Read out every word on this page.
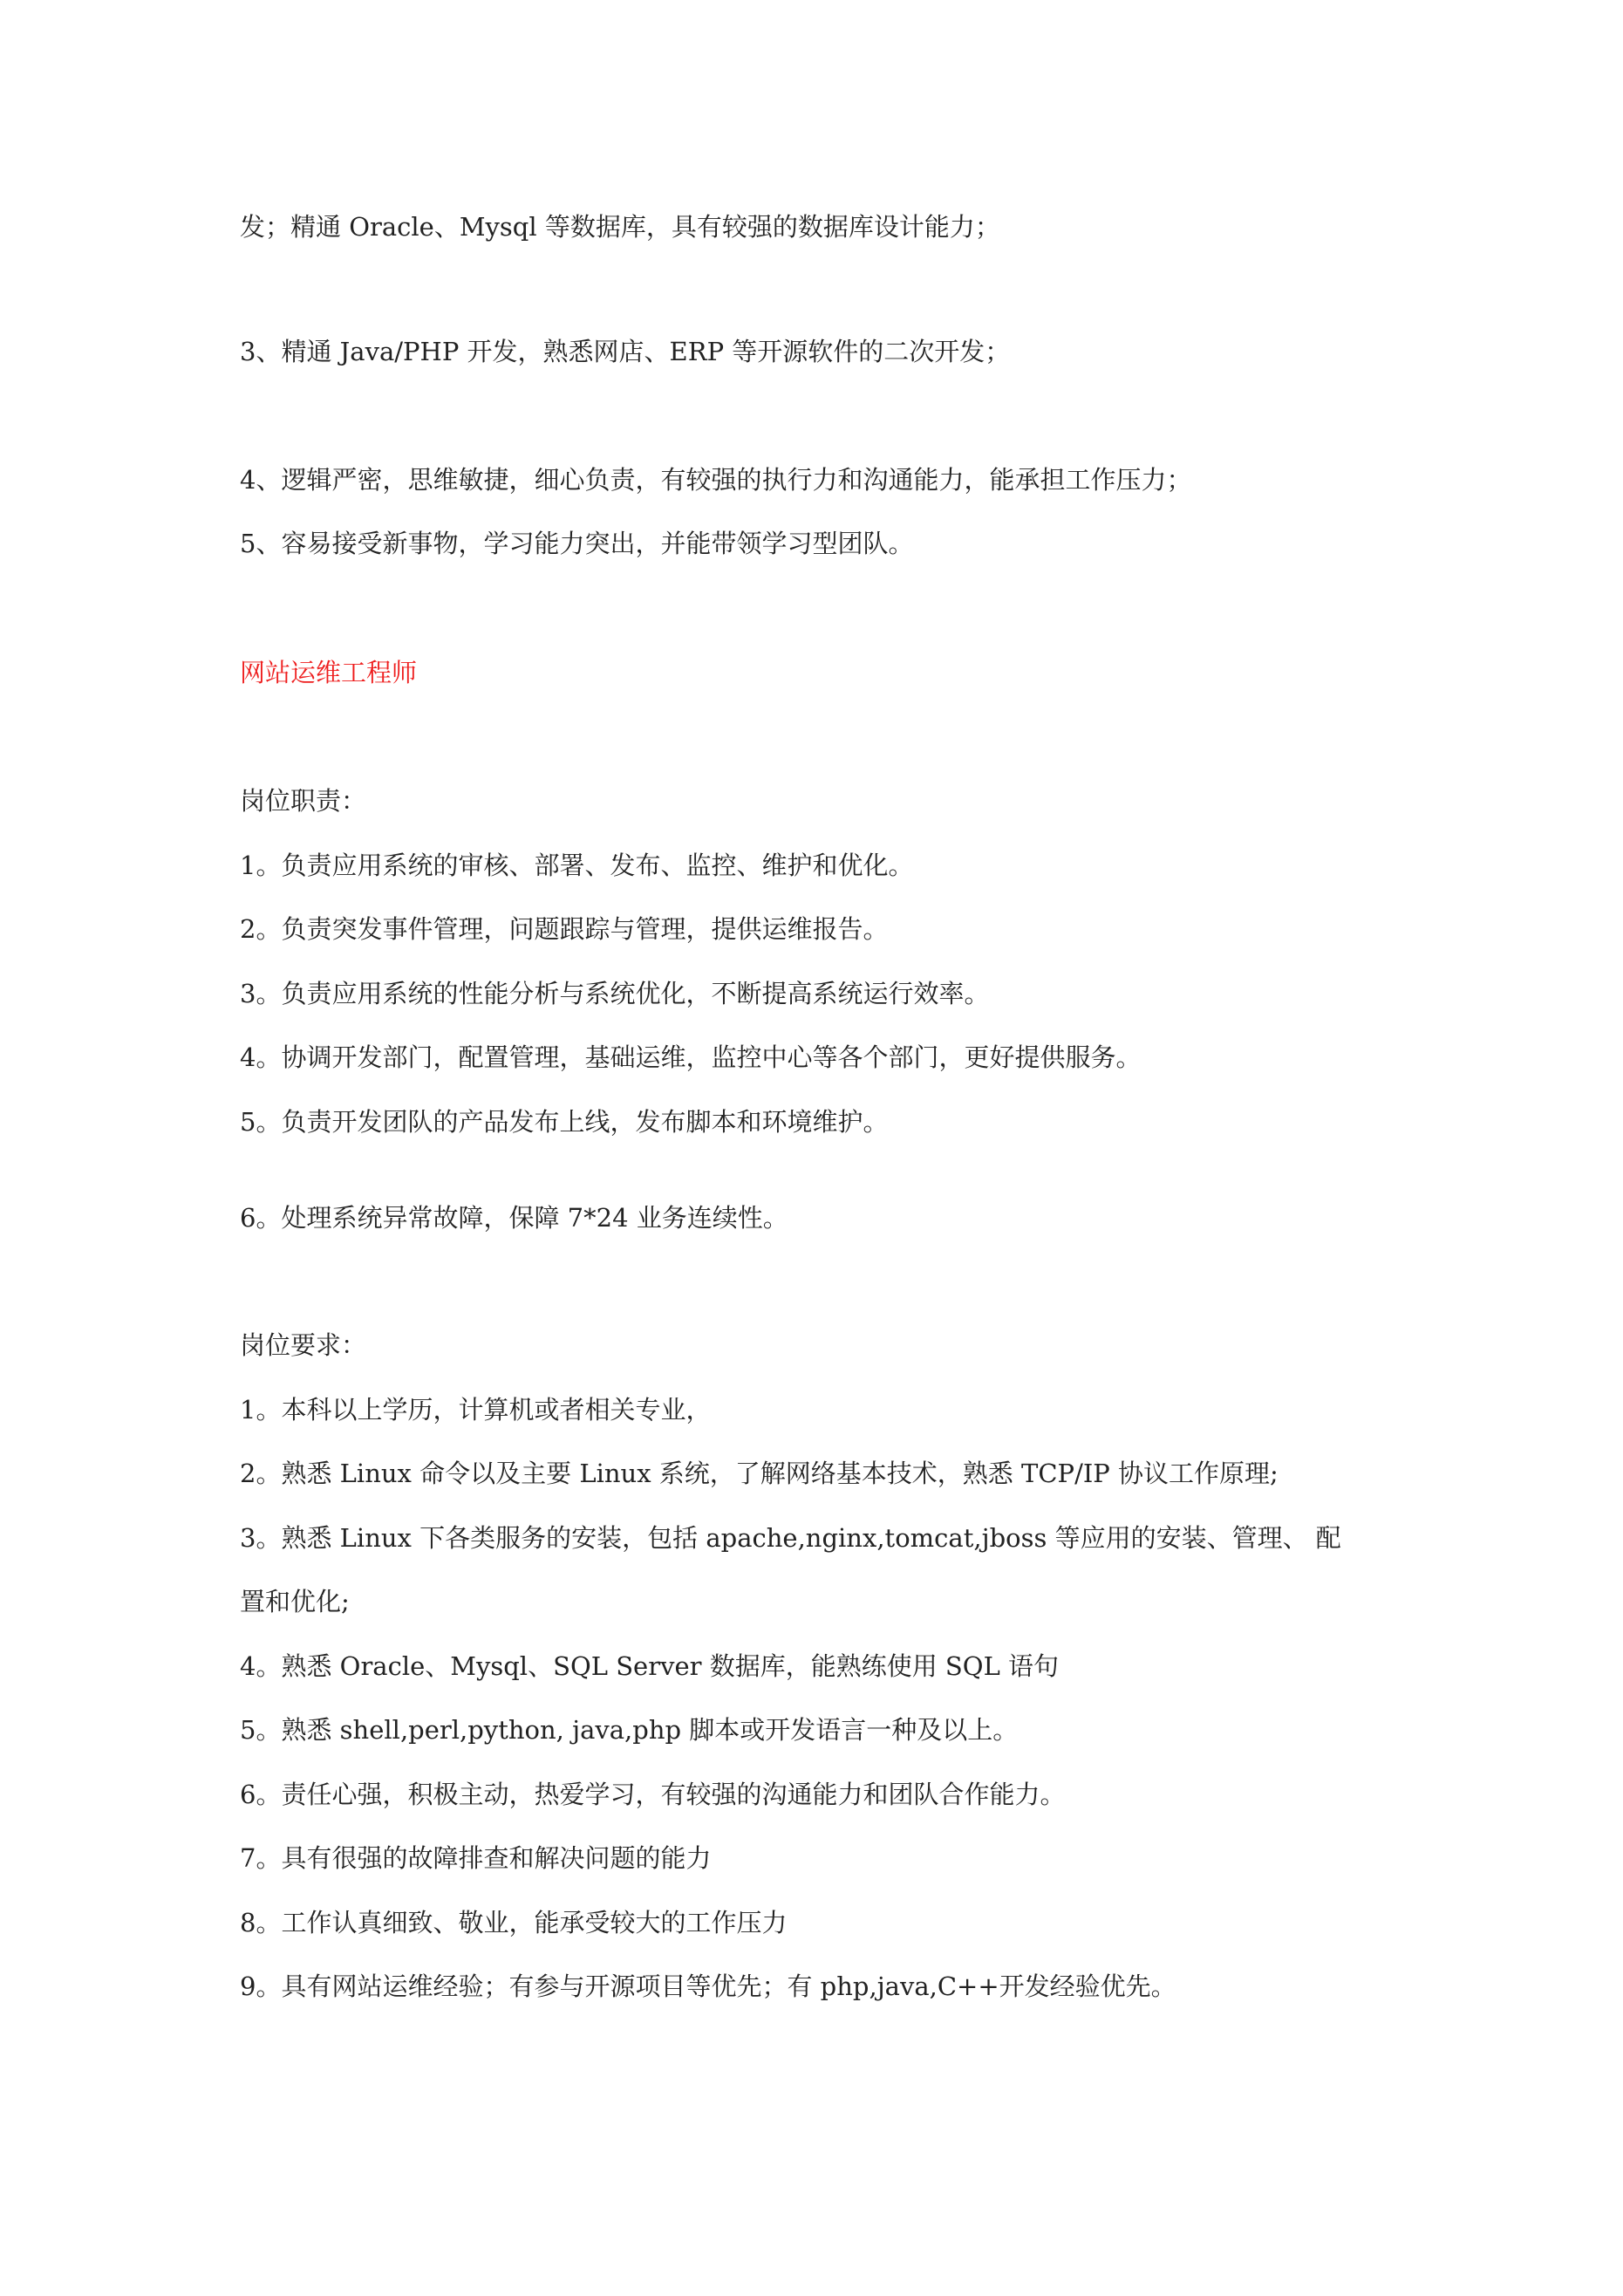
发；精通 Oracle、Mysql 等数据库，具有较强的数据库设计能力；

3、精通 Java/PHP 开发，熟悉网店、ERP 等开源软件的二次开发；

4、逻辑严密，思维敏捷，细心负责，有较强的执行力和沟通能力，能承担工作压力；

5、容易接受新事物，学习能力突出，并能带领学习型团队。

网站运维工程师

岗位职责：

1。负责应用系统的审核、部署、发布、监控、维护和优化。

2。负责突发事件管理，问题跟踪与管理，提供运维报告。

3。负责应用系统的性能分析与系统优化，不断提高系统运行效率。

4。协调开发部门，配置管理，基础运维，监控中心等各个部门，更好提供服务。

5。负责开发团队的产品发布上线，发布脚本和环境维护。

6。处理系统异常故障，保障 7*24 业务连续性。

岗位要求：

1。本科以上学历，计算机或者相关专业，

2。熟悉 Linux 命令以及主要 Linux 系统，了解网络基本技术，熟悉 TCP/IP 协议工作原理;

3。熟悉 Linux 下各类服务的安装，包括 apache,nginx,tomcat,jboss 等应用的安装、管理、 配

置和优化;

4。熟悉 Oracle、Mysql、SQL Server 数据库，能熟练使用 SQL 语句

5。熟悉 shell,perl,python, java,php 脚本或开发语言一种及以上。

6。责任心强，积极主动，热爱学习，有较强的沟通能力和团队合作能力。

7。具有很强的故障排查和解决问题的能力

8。工作认真细致、敬业，能承受较大的工作压力

9。具有网站运维经验；有参与开源项目等优先；有 php,java,C++开发经验优先。
